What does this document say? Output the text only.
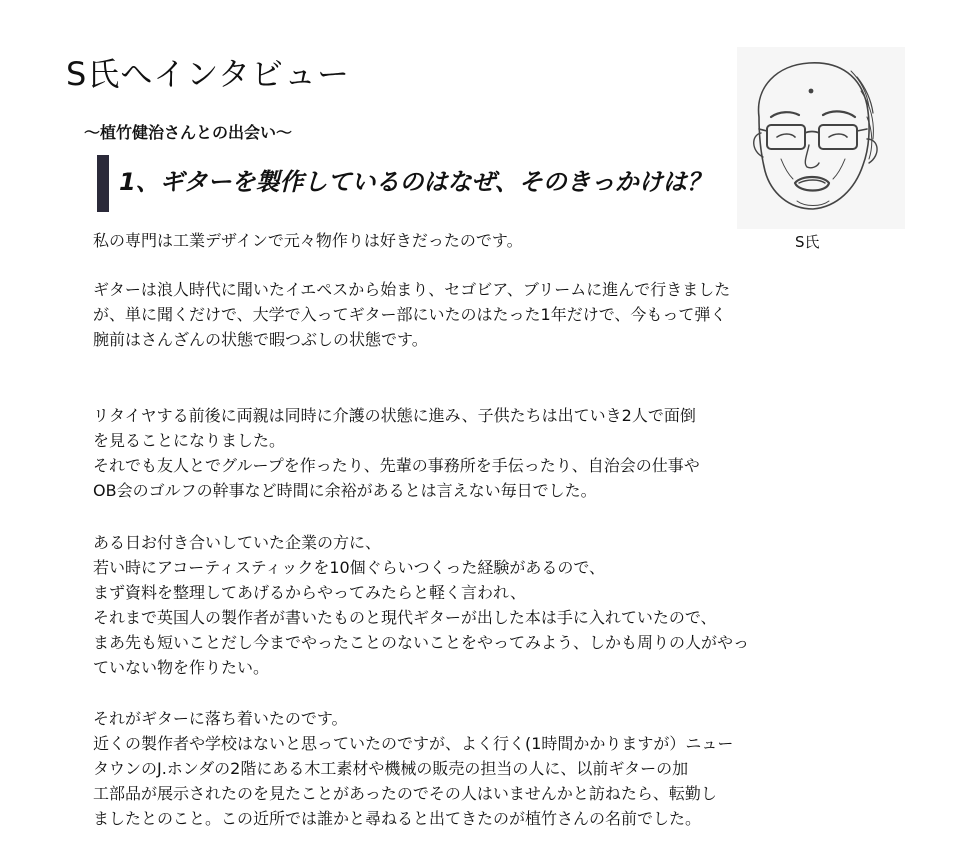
S氏へインタビュー

～植竹健治さんとの出会い～

1、ギターを製作しているのはなぜ、そのきっかけは？
S氏

私の専門は工業デザインで元々物作りは好きだったのです。

ギターは浪人時代に聞いたイエペスから始まり、セゴビア、ブリームに進んで行きました
が、単に聞くだけで、大学で入ってギター部にいたのはたった1年だけで、今もって弾く
腕前はさんざんの状態で暇つぶしの状態です。

リタイヤする前後に両親は同時に介護の状態に進み、子供たちは出ていき2人で面倒
を見ることになりました。
それでも友人とでグループを作ったり、先輩の事務所を手伝ったり、自治会の仕事や
OB会のゴルフの幹事など時間に余裕があるとは言えない毎日でした。

ある日お付き合いしていた企業の方に、
若い時にアコーティスティックを10個ぐらいつくった経験があるので、
まず資料を整理してあげるからやってみたらと軽く言われ、
それまで英国人の製作者が書いたものと現代ギターが出した本は手に入れていたので、
まあ先も短いことだし今までやったことのないことをやってみよう、しかも周りの人がやっ
ていない物を作りたい。

それがギターに落ち着いたのです。
近くの製作者や学校はないと思っていたのですが、よく行く(1時間かかりますが）ニュー
タウンのJ.ホンダの2階にある木工素材や機械の販売の担当の人に、以前ギターの加
工部品が展示されたのを見たことがあったのでその人はいませんかと訪ねたら、転勤し
ましたとのこと。この近所では誰かと尋ねると出てきたのが植竹さんの名前でした。
